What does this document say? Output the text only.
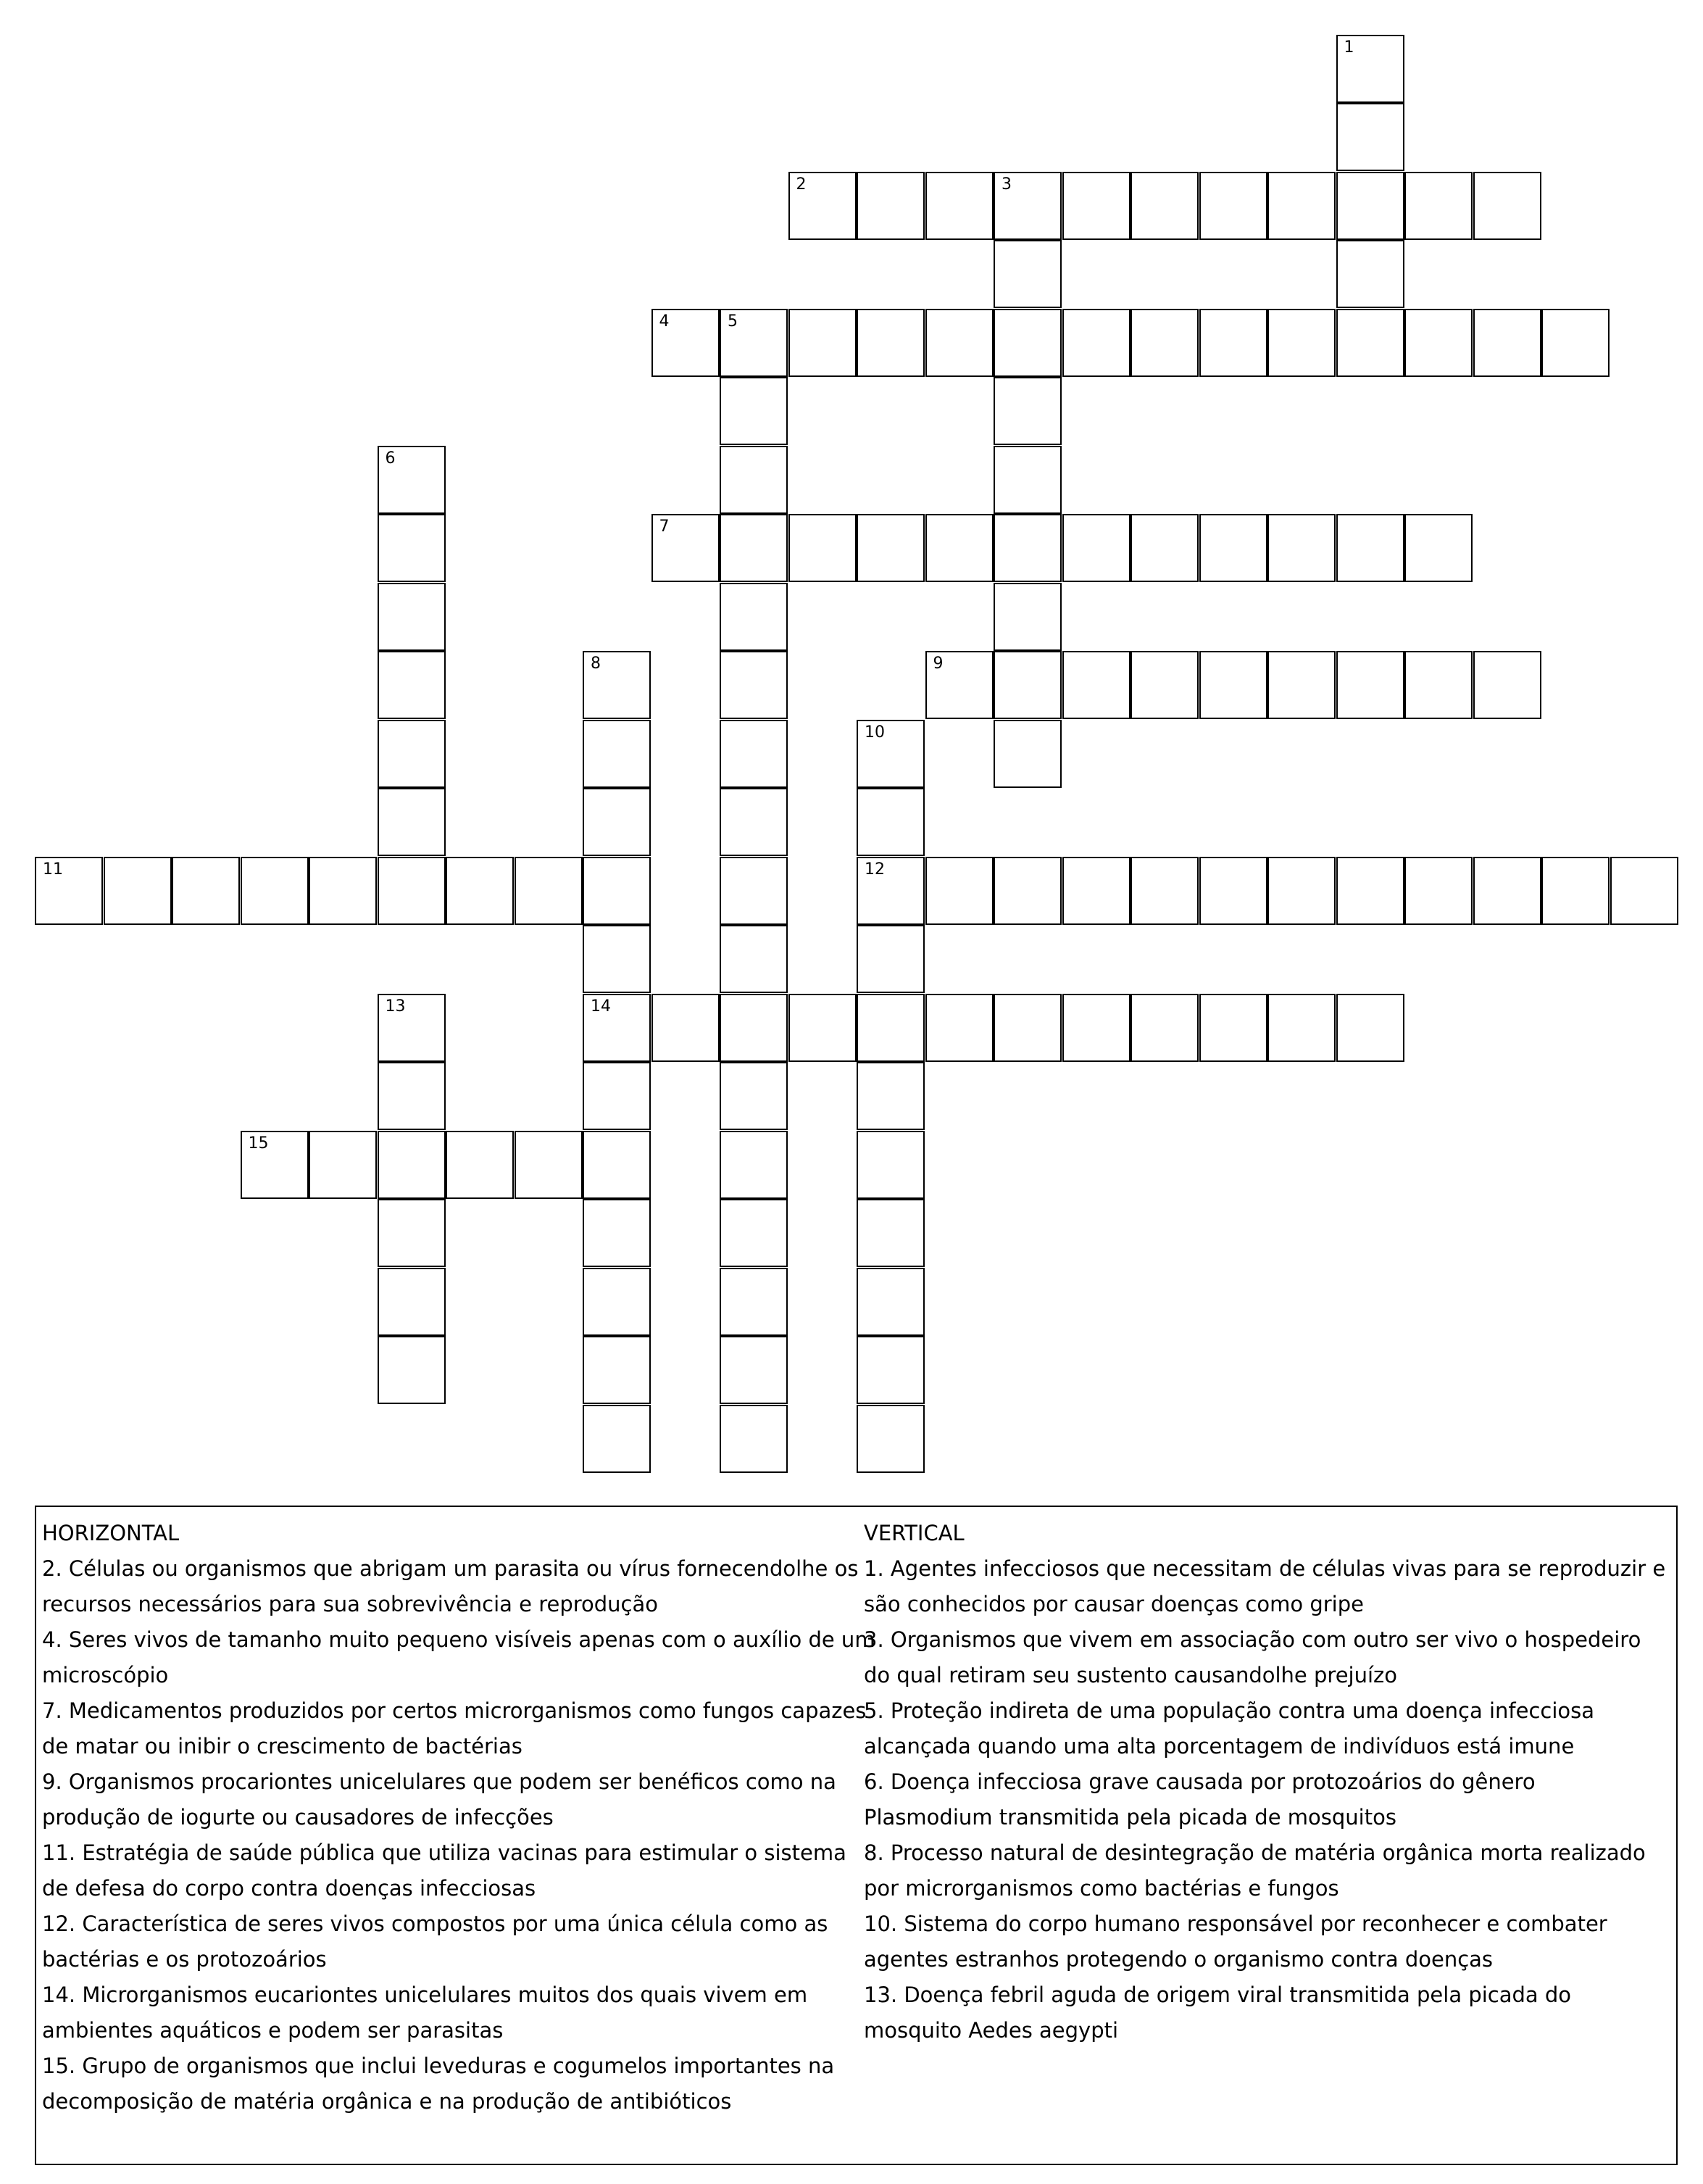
2	3
4	5
7
9
11	12
14
15
1
6
8
10
13
HORIZONTAL
2. Células ou organismos que abrigam um parasita ou vírus fornecendolhe os recursos necessários para sua sobrevivência e reprodução
4. Seres vivos de tamanho muito pequeno visíveis apenas com o auxílio de um microscópio
7. Medicamentos produzidos por certos microrganismos como fungos capazes de matar ou inibir o crescimento de bactérias
9. Organismos procariontes unicelulares que podem ser benéficos como na produção de iogurte ou causadores de infecções
11. Estratégia de saúde pública que utiliza vacinas para estimular o sistema de defesa do corpo contra doenças infecciosas
12. Característica de seres vivos compostos por uma única célula como as bactérias e os protozoários
14. Microrganismos eucariontes unicelulares muitos dos quais vivem em ambientes aquáticos e podem ser parasitas
15. Grupo de organismos que inclui leveduras e cogumelos importantes na decomposição de matéria orgânica e na produção de antibióticos
VERTICAL
1. Agentes infecciosos que necessitam de células vivas para se reproduzir e são conhecidos por causar doenças como gripe
3. Organismos que vivem em associação com outro ser vivo o hospedeiro do qual retiram seu sustento causandolhe prejuízo
5. Proteção indireta de uma população contra uma doença infecciosa alcançada quando uma alta porcentagem de indivíduos está imune
6. Doença infecciosa grave causada por protozoários do gênero Plasmodium transmitida pela picada de mosquitos
8. Processo natural de desintegração de matéria orgânica morta realizado por microrganismos como bactérias e fungos
10. Sistema do corpo humano responsável por reconhecer e combater agentes estranhos protegendo o organismo contra doenças
13. Doença febril aguda de origem viral transmitida pela picada do mosquito Aedes aegypti
